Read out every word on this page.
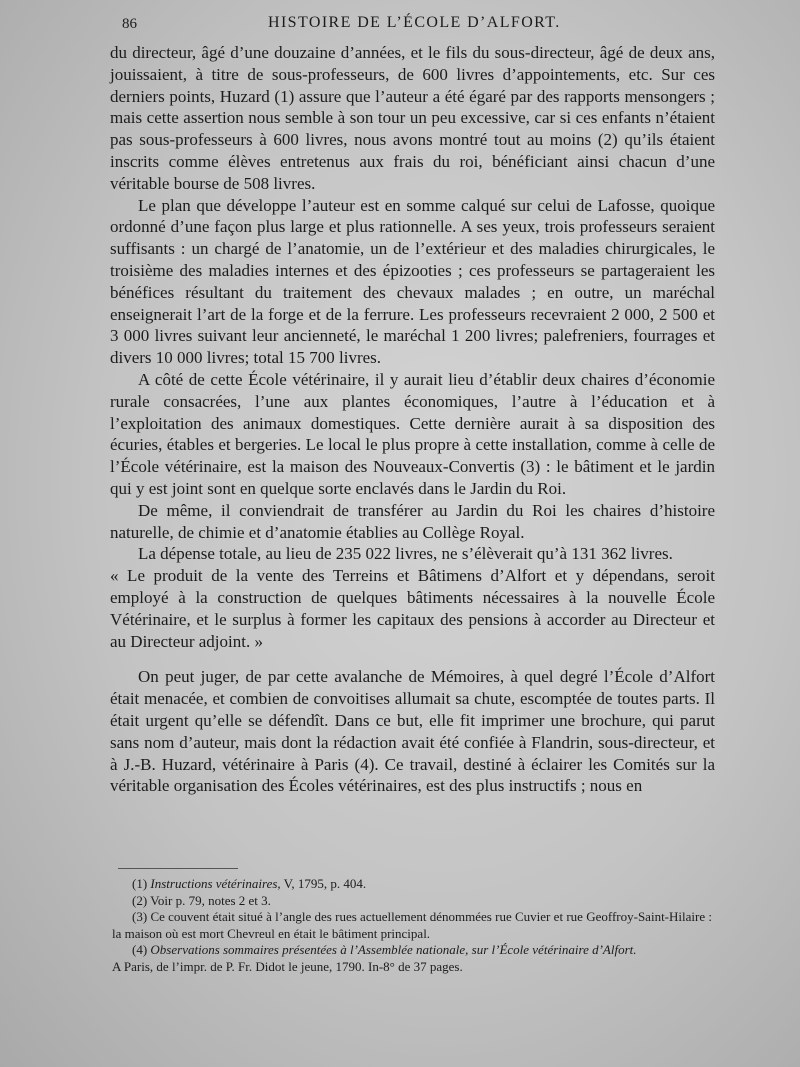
86	HISTOIRE DE L’ÉCOLE D’ALFORT.

du directeur, âgé d’une douzaine d’années, et le fils du sous-directeur, âgé de deux ans, jouissaient, à titre de sous-professeurs, de 600 livres d’appointements, etc. Sur ces derniers points, Huzard (1) assure que l’auteur a été égaré par des rapports mensongers ; mais cette assertion nous semble à son tour un peu excessive, car si ces enfants n’étaient pas sous-professeurs à 600 livres, nous avons montré tout au moins (2) qu’ils étaient inscrits comme élèves entretenus aux frais du roi, bénéficiant ainsi chacun d’une véritable bourse de 508 livres.

Le plan que développe l’auteur est en somme calqué sur celui de Lafosse, quoique ordonné d’une façon plus large et plus rationnelle. A ses yeux, trois professeurs seraient suffisants : un chargé de l’anatomie, un de l’extérieur et des maladies chirurgicales, le troisième des maladies internes et des épizooties ; ces professeurs se partageraient les bénéfices résultant du traitement des chevaux malades ; en outre, un maréchal enseignerait l’art de la forge et de la ferrure. Les professeurs recevraient 2 000, 2 500 et 3 000 livres suivant leur ancienneté, le maréchal 1 200 livres; palefreniers, fourrages et divers 10 000 livres; total 15 700 livres.

A côté de cette École vétérinaire, il y aurait lieu d’établir deux chaires d’économie rurale consacrées, l’une aux plantes économiques, l’autre à l’éducation et à l’exploitation des animaux domestiques. Cette dernière aurait à sa disposition des écuries, étables et bergeries. Le local le plus propre à cette installation, comme à celle de l’École vétérinaire, est la maison des Nouveaux-Convertis (3) : le bâtiment et le jardin qui y est joint sont en quelque sorte enclavés dans le Jardin du Roi.

De même, il conviendrait de transférer au Jardin du Roi les chaires d’histoire naturelle, de chimie et d’anatomie établies au Collège Royal.

La dépense totale, au lieu de 235 022 livres, ne s’élèverait qu’à 131 362 livres.

« Le produit de la vente des Terreins et Bâtimens d’Alfort et y dépendans, seroit employé à la construction de quelques bâtiments nécessaires à la nouvelle École Vétérinaire, et le surplus à former les capitaux des pensions à accorder au Directeur et au Directeur adjoint. »

On peut juger, de par cette avalanche de Mémoires, à quel degré l’École d’Alfort était menacée, et combien de convoitises allumait sa chute, escomptée de toutes parts. Il était urgent qu’elle se défendît. Dans ce but, elle fit imprimer une brochure, qui parut sans nom d’auteur, mais dont la rédaction avait été confiée à Flandrin, sous-directeur, et à J.-B. Huzard, vétérinaire à Paris (4). Ce travail, destiné à éclairer les Comités sur la véritable organisation des Écoles vétérinaires, est des plus instructifs ; nous en

(1) Instructions vétérinaires, V, 1795, p. 404.

(2) Voir p. 79, notes 2 et 3.

(3) Ce couvent était situé à l’angle des rues actuellement dénommées rue Cuvier et rue Geoffroy-Saint-Hilaire : la maison où est mort Chevreul en était le bâtiment principal.

(4) Observations sommaires présentées à l’Assemblée nationale, sur l’École vétérinaire d’Alfort.

A Paris, de l’impr. de P. Fr. Didot le jeune, 1790. In-8° de 37 pages.
